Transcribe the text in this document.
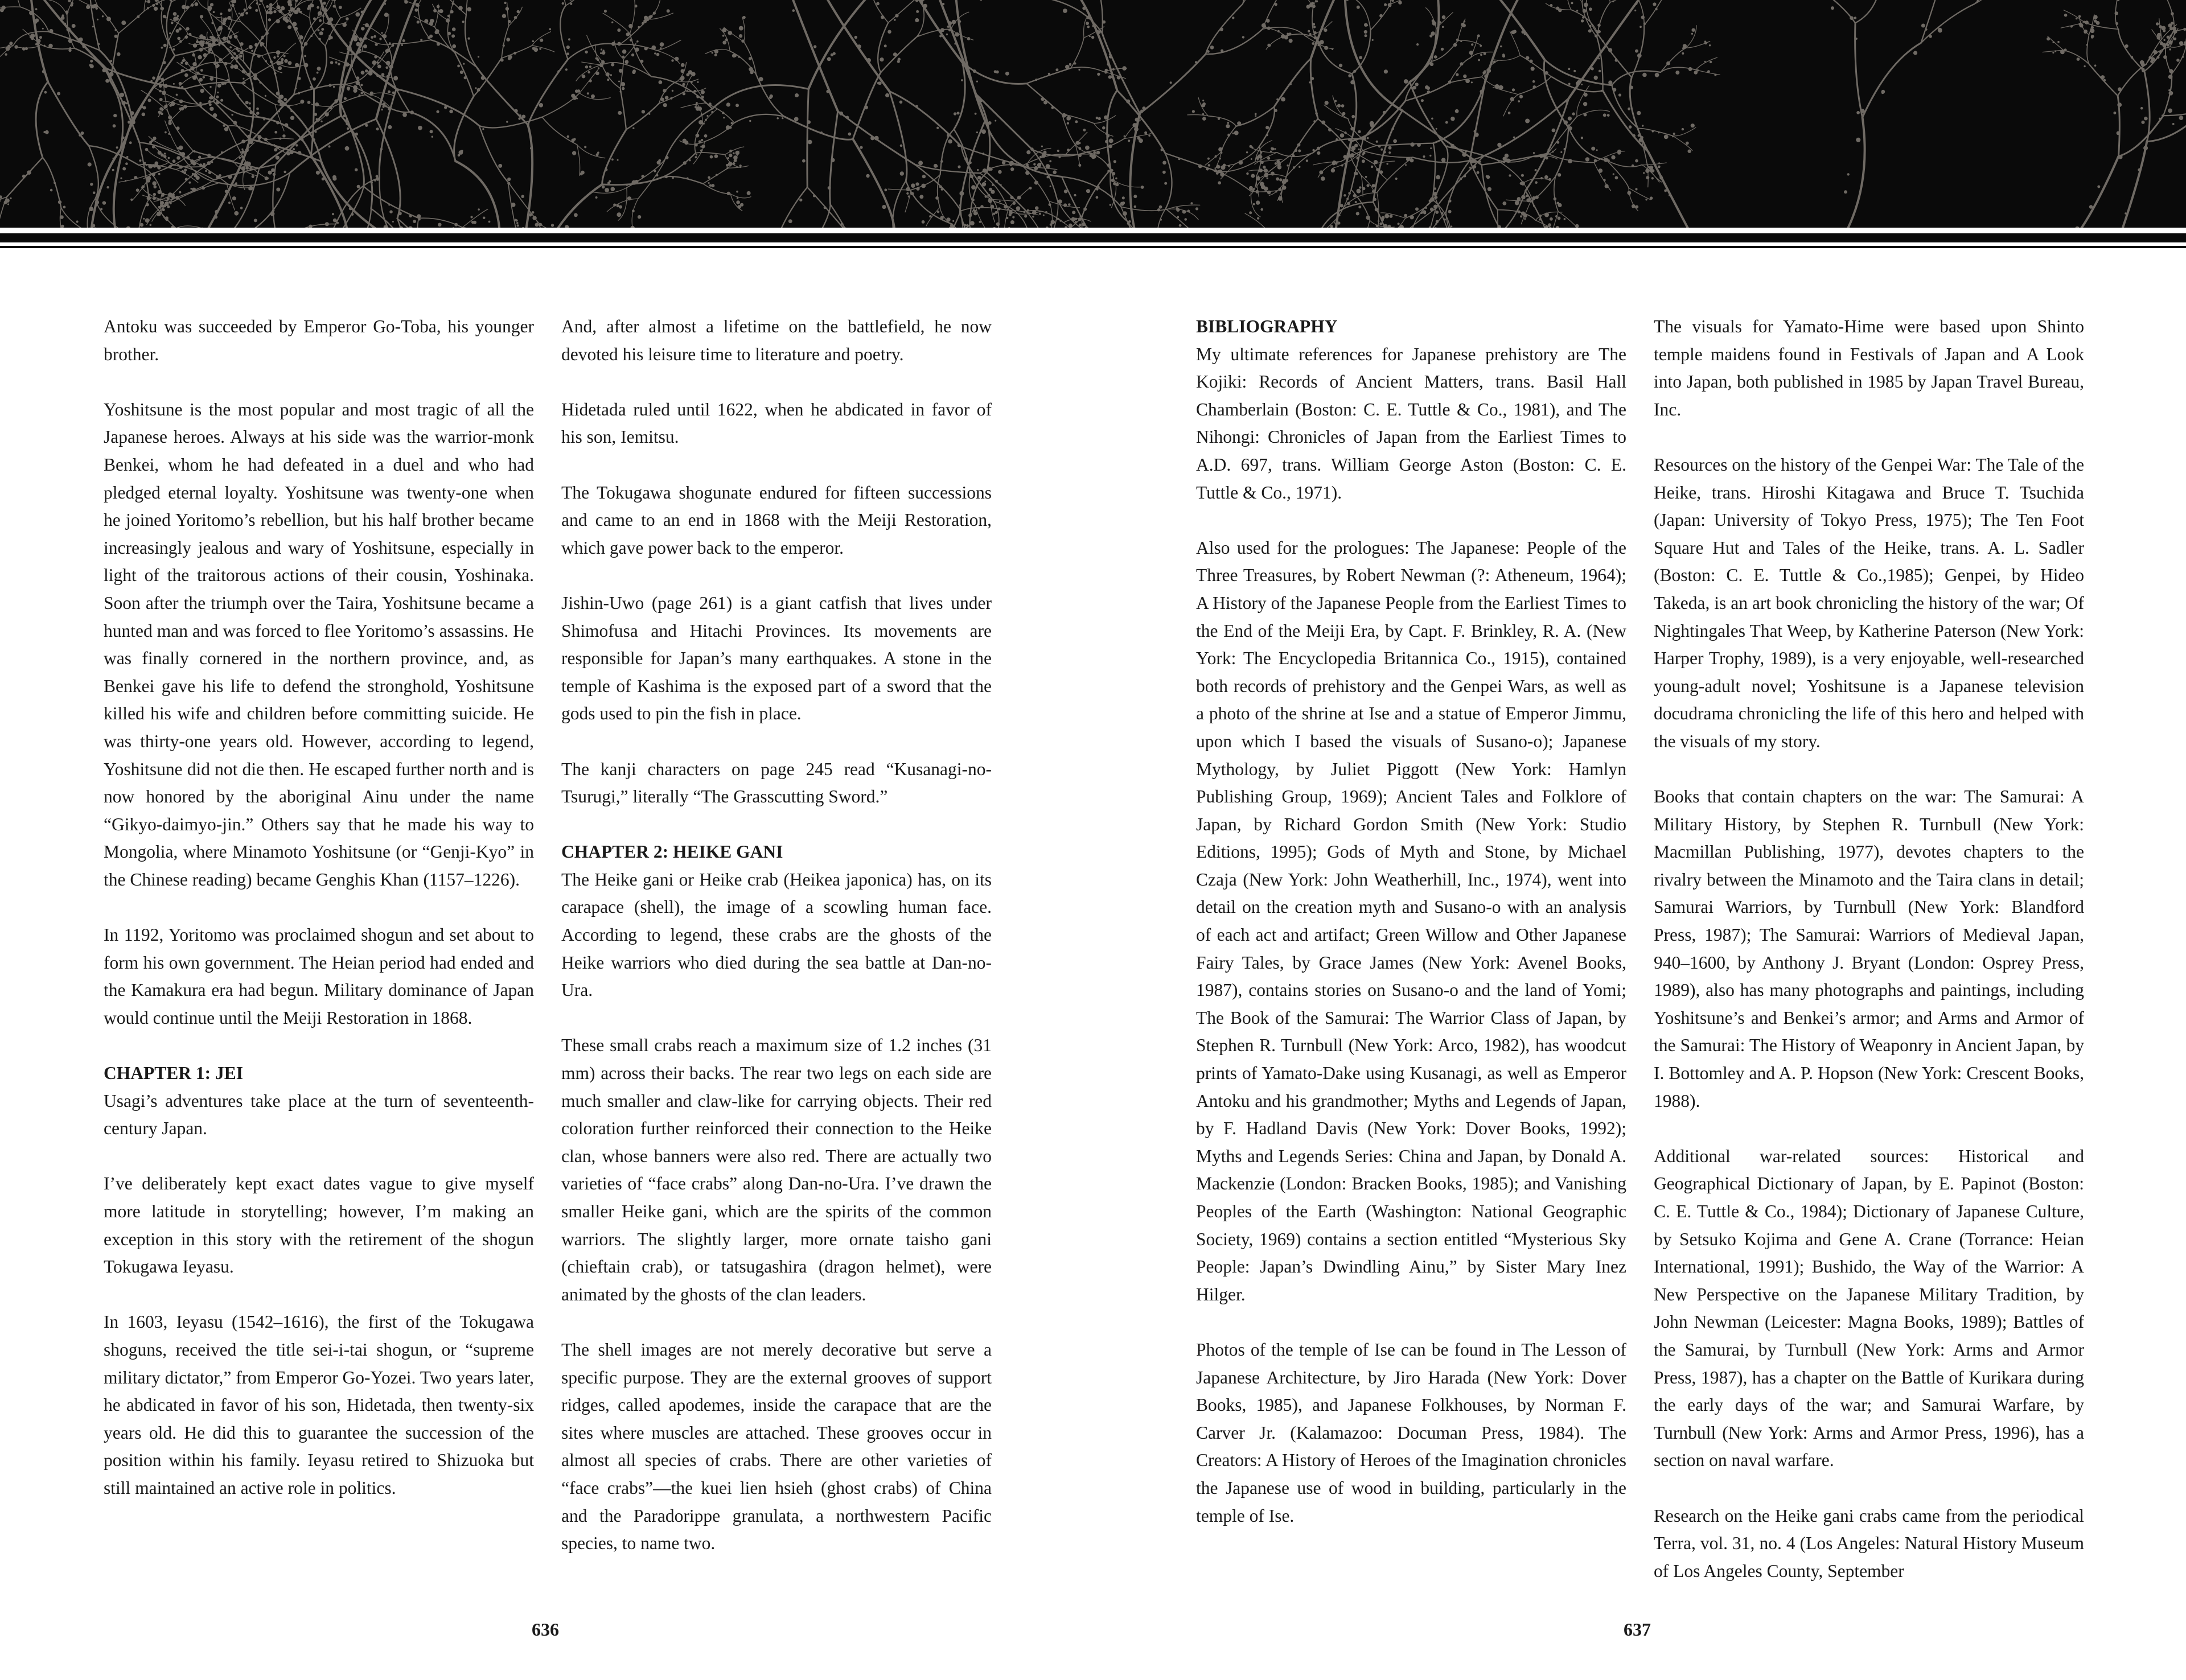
Antoku was succeeded by Emperor Go-Toba, his younger brother.

Yoshitsune is the most popular and most tragic of all the Japanese heroes. Always at his side was the warrior-monk Benkei, whom he had defeated in a duel and who had pledged eternal loyalty. Yoshitsune was twenty-one when he joined Yoritomo’s rebellion, but his half brother became increasingly jealous and wary of Yoshitsune, especially in light of the traitorous actions of their cousin, Yoshinaka. Soon after the triumph over the Taira, Yoshitsune became a hunted man and was forced to flee Yoritomo’s assassins. He was finally cornered in the northern province, and, as Benkei gave his life to defend the stronghold, Yoshitsune killed his wife and children before committing suicide. He was thirty-one years old. However, according to legend, Yoshitsune did not die then. He escaped further north and is now honored by the aboriginal Ainu under the name “Gikyo-daimyo-jin.” Others say that he made his way to Mongolia, where Minamoto Yoshitsune (or “Genji-Kyo” in the Chinese reading) became Genghis Khan (1157–1226).

In 1192, Yoritomo was proclaimed shogun and set about to form his own government. The Heian period had ended and the Kamakura era had begun. Military dominance of Japan would continue until the Meiji Restoration in 1868.

CHAPTER 1: JEI

Usagi’s adventures take place at the turn of seventeenth-century Japan.

I’ve deliberately kept exact dates vague to give myself more latitude in storytelling; however, I’m making an exception in this story with the retirement of the shogun Tokugawa Ieyasu.

In 1603, Ieyasu (1542–1616), the first of the Tokugawa shoguns, received the title sei-i-tai shogun, or “supreme military dictator,” from Emperor Go-Yozei. Two years later, he abdicated in favor of his son, Hidetada, then twenty-six years old. He did this to guarantee the succession of the position within his family. Ieyasu retired to Shizuoka but still maintained an active role in politics.

And, after almost a lifetime on the battlefield, he now devoted his leisure time to literature and poetry.

Hidetada ruled until 1622, when he abdicated in favor of his son, Iemitsu.

The Tokugawa shogunate endured for fifteen successions and came to an end in 1868 with the Meiji Restoration, which gave power back to the emperor.

Jishin-Uwo (page 261) is a giant catfish that lives under Shimofusa and Hitachi Provinces. Its movements are responsible for Japan’s many earthquakes. A stone in the temple of Kashima is the exposed part of a sword that the gods used to pin the fish in place.

The kanji characters on page 245 read “Kusanagi-no-Tsurugi,” literally “The Grasscutting Sword.”

CHAPTER 2: HEIKE GANI

The Heike gani or Heike crab (Heikea japonica) has, on its carapace (shell), the image of a scowling human face. According to legend, these crabs are the ghosts of the Heike warriors who died during the sea battle at Dan-no-Ura.

These small crabs reach a maximum size of 1.2 inches (31 mm) across their backs. The rear two legs on each side are much smaller and claw-like for carrying objects. Their red coloration further reinforced their connection to the Heike clan, whose banners were also red. There are actually two varieties of “face crabs” along Dan-no-Ura. I’ve drawn the smaller Heike gani, which are the spirits of the common warriors. The slightly larger, more ornate taisho gani (chieftain crab), or tatsugashira (dragon helmet), were animated by the ghosts of the clan leaders.

The shell images are not merely decorative but serve a specific purpose. They are the external grooves of support ridges, called apodemes, inside the carapace that are the sites where muscles are attached. These grooves occur in almost all species of crabs. There are other varieties of “face crabs”—the kuei lien hsieh (ghost crabs) of China and the Paradorippe granulata, a northwestern Pacific species, to name two.

BIBLIOGRAPHY

My ultimate references for Japanese prehistory are The Kojiki: Records of Ancient Matters, trans. Basil Hall Chamberlain (Boston: C. E. Tuttle & Co., 1981), and The Nihongi: Chronicles of Japan from the Earliest Times to A.D. 697, trans. William George Aston (Boston: C. E. Tuttle & Co., 1971).

Also used for the prologues: The Japanese: People of the Three Treasures, by Robert Newman (?: Atheneum, 1964); A History of the Japanese People from the Earliest Times to the End of the Meiji Era, by Capt. F. Brinkley, R. A. (New York: The Encyclopedia Britannica Co., 1915), contained both records of prehistory and the Genpei Wars, as well as a photo of the shrine at Ise and a statue of Emperor Jimmu, upon which I based the visuals of Susano-o); Japanese Mythology, by Juliet Piggott (New York: Hamlyn Publishing Group, 1969); Ancient Tales and Folklore of Japan, by Richard Gordon Smith (New York: Studio Editions, 1995); Gods of Myth and Stone, by Michael Czaja (New York: John Weatherhill, Inc., 1974), went into detail on the creation myth and Susano-o with an analysis of each act and artifact; Green Willow and Other Japanese Fairy Tales, by Grace James (New York: Avenel Books, 1987), contains stories on Susano-o and the land of Yomi; The Book of the Samurai: The Warrior Class of Japan, by Stephen R. Turnbull (New York: Arco, 1982), has woodcut prints of Yamato-Dake using Kusanagi, as well as Emperor Antoku and his grandmother; Myths and Legends of Japan, by F. Hadland Davis (New York: Dover Books, 1992); Myths and Legends Series: China and Japan, by Donald A. Mackenzie (London: Bracken Books, 1985); and Vanishing Peoples of the Earth (Washington: National Geographic Society, 1969) contains a section entitled “Mysterious Sky People: Japan’s Dwindling Ainu,” by Sister Mary Inez Hilger.

Photos of the temple of Ise can be found in The Lesson of Japanese Architecture, by Jiro Harada (New York: Dover Books, 1985), and Japanese Folkhouses, by Norman F. Carver Jr. (Kalamazoo: Documan Press, 1984). The Creators: A History of Heroes of the Imagination chronicles the Japanese use of wood in building, particularly in the temple of Ise.

The visuals for Yamato-Hime were based upon Shinto temple maidens found in Festivals of Japan and A Look into Japan, both published in 1985 by Japan Travel Bureau, Inc.

Resources on the history of the Genpei War: The Tale of the Heike, trans. Hiroshi Kitagawa and Bruce T. Tsuchida (Japan: University of Tokyo Press, 1975); The Ten Foot Square Hut and Tales of the Heike, trans. A. L. Sadler (Boston: C. E. Tuttle & Co.,1985); Genpei, by Hideo Takeda, is an art book chronicling the history of the war; Of Nightingales That Weep, by Katherine Paterson (New York: Harper Trophy, 1989), is a very enjoyable, well-researched young-adult novel; Yoshitsune is a Japanese television docudrama chronicling the life of this hero and helped with the visuals of my story.

Books that contain chapters on the war: The Samurai: A Military History, by Stephen R. Turnbull (New York: Macmillan Publishing, 1977), devotes chapters to the rivalry between the Minamoto and the Taira clans in detail; Samurai Warriors, by Turnbull (New York: Blandford Press, 1987); The Samurai: Warriors of Medieval Japan, 940–1600, by Anthony J. Bryant (London: Osprey Press, 1989), also has many photographs and paintings, including Yoshitsune’s and Benkei’s armor; and Arms and Armor of the Samurai: The History of Weaponry in Ancient Japan, by I. Bottomley and A. P. Hopson (New York: Crescent Books, 1988).

Additional war-related sources: Historical and Geographical Dictionary of Japan, by E. Papinot (Boston: C. E. Tuttle & Co., 1984); Dictionary of Japanese Culture, by Setsuko Kojima and Gene A. Crane (Torrance: Heian International, 1991); Bushido, the Way of the Warrior: A New Perspective on the Japanese Military Tradition, by John Newman (Leicester: Magna Books, 1989); Battles of the Samurai, by Turnbull (New York: Arms and Armor Press, 1987), has a chapter on the Battle of Kurikara during the early days of the war; and Samurai Warfare, by Turnbull (New York: Arms and Armor Press, 1996), has a section on naval warfare.

Research on the Heike gani crabs came from the periodical Terra, vol. 31, no. 4 (Los Angeles: Natural History Museum of Los Angeles County, September

636	637
